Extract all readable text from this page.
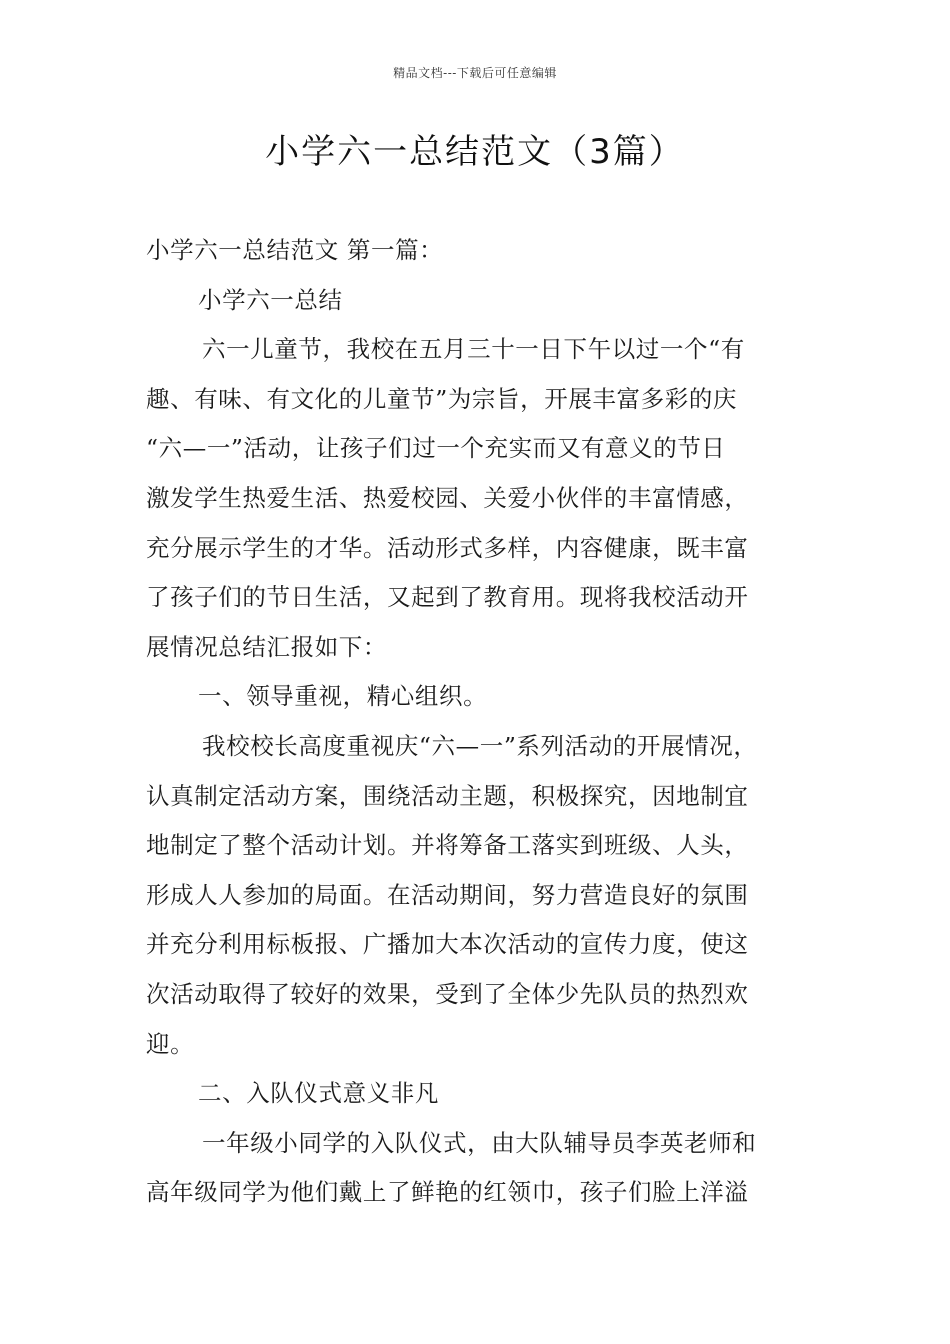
精品文档---下载后可任意编辑
小学六一总结范文（3篇）
小学六一总结范文 第一篇：
小学六一总结
六一儿童节，我校在五月三十一日下午以过一个“有
趣、有味、有文化的儿童节”为宗旨，开展丰富多彩的庆
“六—一”活动，让孩子们过一个充实而又有意义的节日
激发学生热爱生活、热爱校园、关爱小伙伴的丰富情感，
充分展示学生的才华。活动形式多样，内容健康，既丰富
了孩子们的节日生活，又起到了教育用。现将我校活动开
展情况总结汇报如下：
一、领导重视，精心组织。
我校校长高度重视庆“六—一”系列活动的开展情况，
认真制定活动方案，围绕活动主题，积极探究，因地制宜
地制定了整个活动计划。并将筹备工落实到班级、人头，
形成人人参加的局面。在活动期间，努力营造良好的氛围
并充分利用标板报、广播加大本次活动的宣传力度，使这
次活动取得了较好的效果，受到了全体少先队员的热烈欢
迎。
二、入队仪式意义非凡
一年级小同学的入队仪式，由大队辅导员李英老师和
高年级同学为他们戴上了鲜艳的红领巾，孩子们脸上洋溢
